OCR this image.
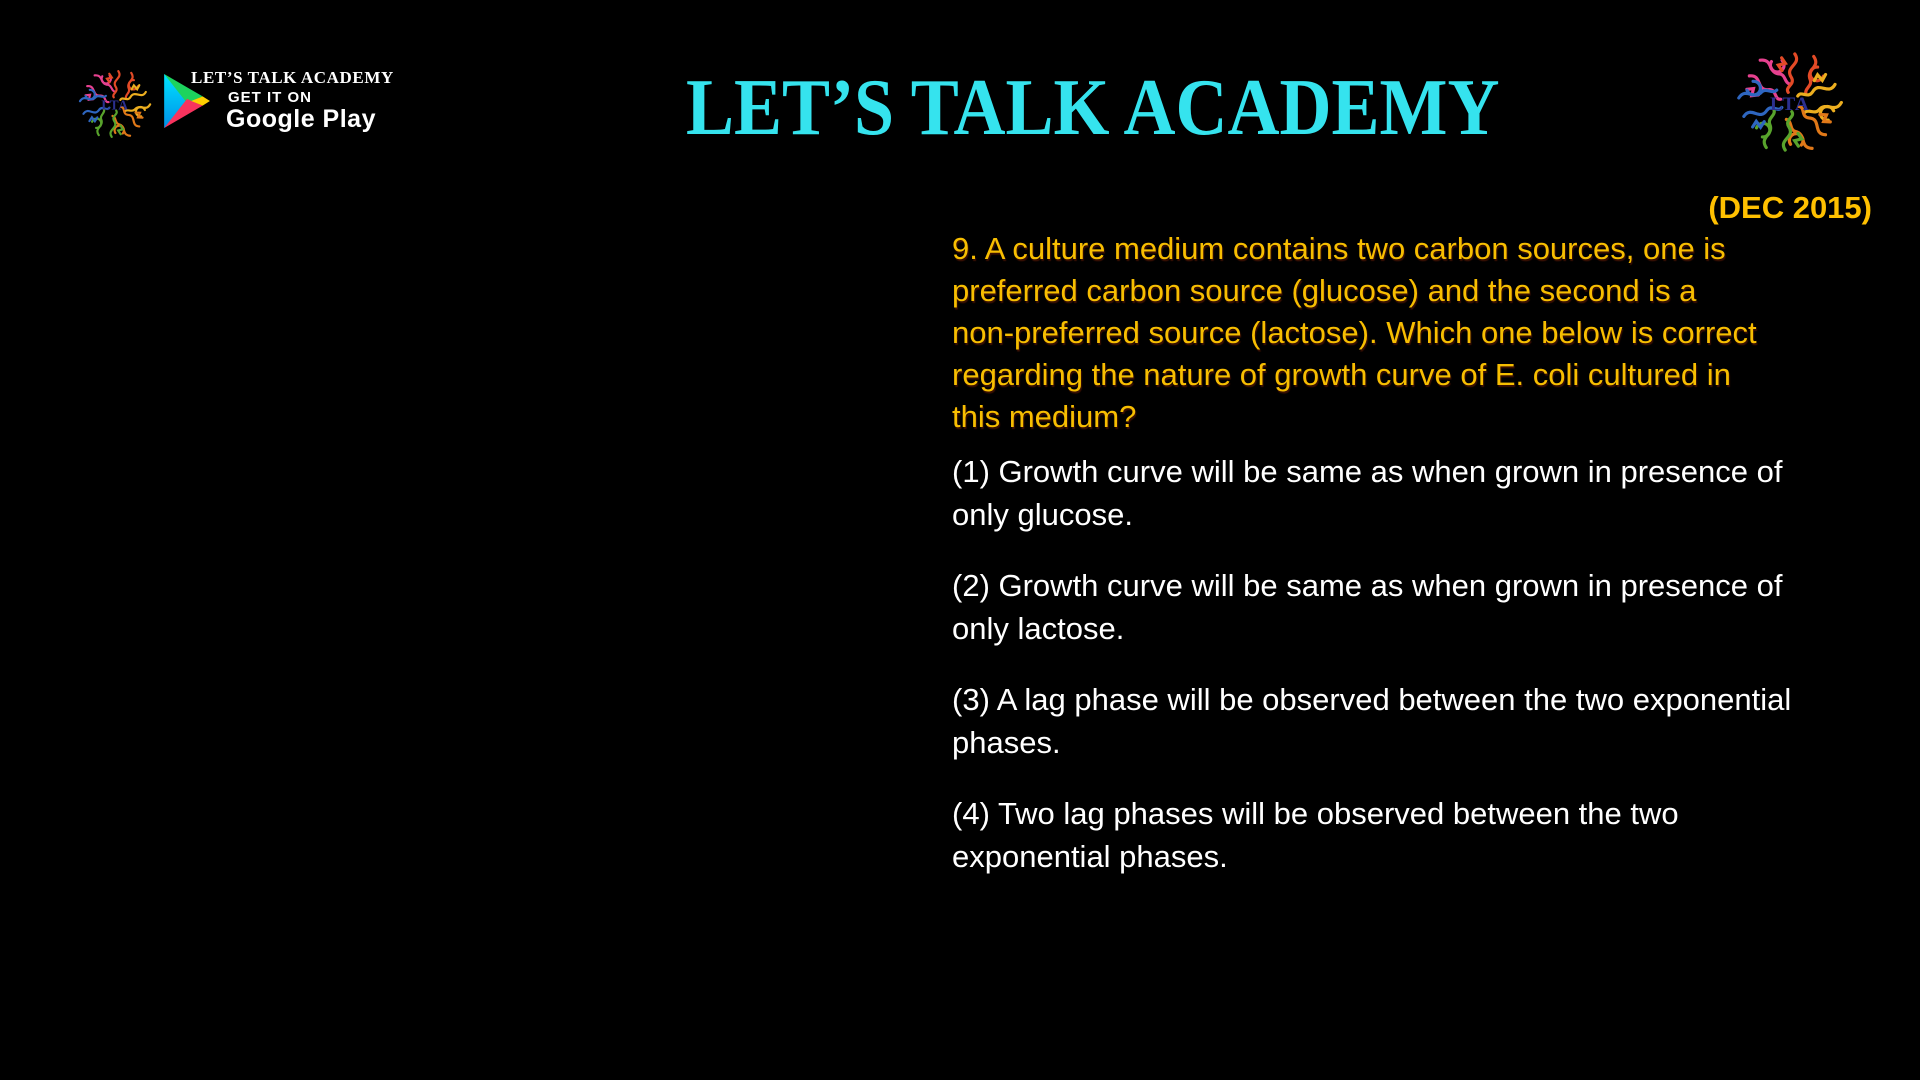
LTA
LET’S TALK ACADEMY
GET IT ON
Google Play	LET’S TALK ACADEMY	LTA
(DEC 2015)
9. A culture medium contains two carbon sources, one is
preferred carbon source (glucose) and the second is a
non-preferred source (lactose). Which one below is correct
regarding the nature of growth curve of E. coli cultured in
this medium?
(1) Growth curve will be same as when grown in presence of
only glucose.
(2) Growth curve will be same as when grown in presence of
only lactose.
(3) A lag phase will be observed between the two exponential
phases.
(4) Two lag phases will be observed between the two
exponential phases.
